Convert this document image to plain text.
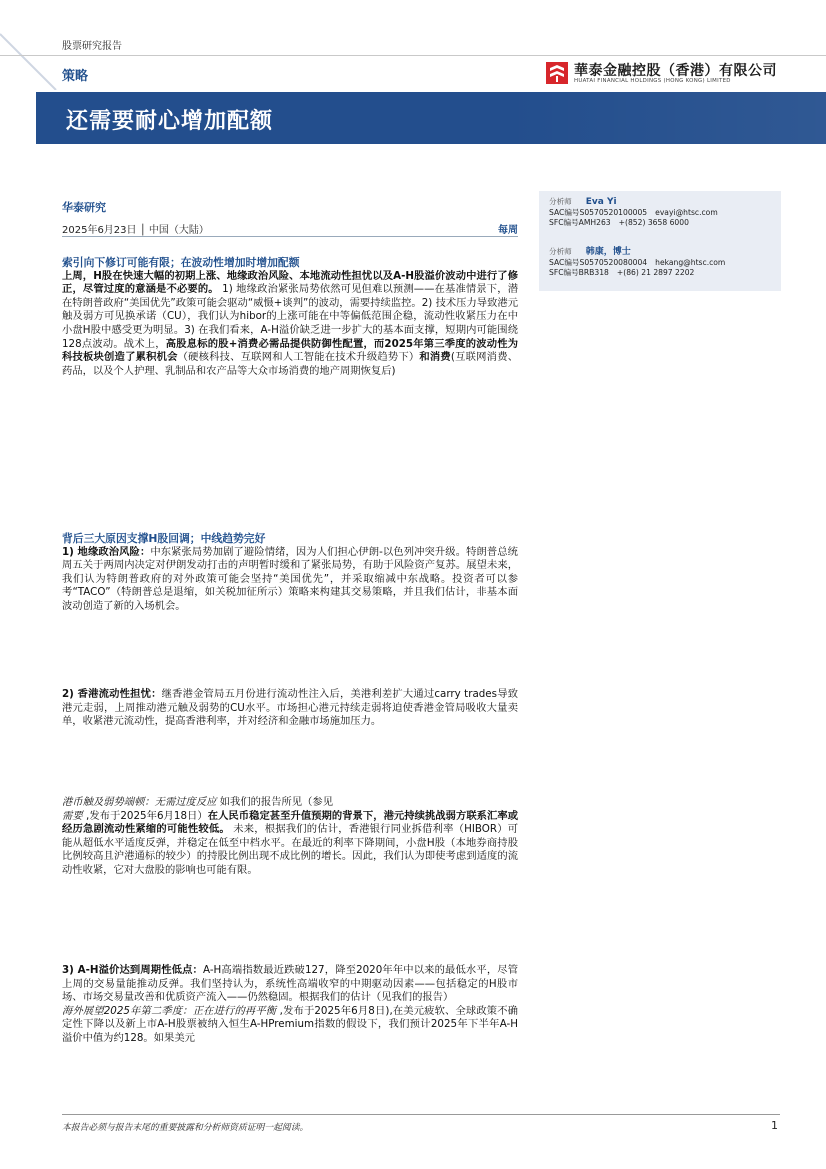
股票研究报告
策略	華泰金融控股（香港）有限公司
HUATAI FINANCIAL HOLDINGS (HONG KONG) LIMITED
还需要耐心增加配额
华泰研究
2025年6月23日 │ 中国（大陆）	每周
分析师 Eva Yi
SAC编号S0570520100005 evayi@htsc.com
SFC编号AMH263 +(852) 3658 6000
分析师 韩康，博士
SAC编号S0570520080004 hekang@htsc.com
SFC编号BRB318 +(86) 21 2897 2202
索引向下修订可能有限；在波动性增加时增加配额

上周，H股在快速大幅的初期上涨、地缘政治风险、本地流动性担忧以及A-H股溢价波动中进行了修正，尽管过度的意涵是不必要的。 1) 地缘政治紧张局势依然可见但难以预测——在基准情景下，潜在特朗普政府“美国优先”政策可能会驱动“威慑+谈判”的波动，需要持续监控。2) 技术压力导致港元触及弱方可见换承诺（CU），我们认为hibor的上涨可能在中等偏低范围企稳，流动性收紧压力在中小盘H股中感受更为明显。3) 在我们看来，A-H溢价缺乏进一步扩大的基本面支撑，短期内可能围绕128点波动。战术上，高股息标的股+消费必需品提供防御性配置，而2025年第三季度的波动性为科技板块创造了累积机会（硬核科技、互联网和人工智能在技术升级趋势下）和消费(互联网消费、药品，以及个人护理、乳制品和农产品等大众市场消费的地产周期恢复后)

背后三大原因支撑H股回调；中线趋势完好

1) 地缘政治风险：中东紧张局势加剧了避险情绪，因为人们担心伊朗-以色列冲突升级。特朗普总统周五关于两周内决定对伊朗发动打击的声明暂时缓和了紧张局势，有助于风险资产复苏。展望未来，我们认为特朗普政府的对外政策可能会坚持“美国优先”，并采取缩减中东战略。投资者可以参考“TACO”（特朗普总是退缩，如关税加征所示）策略来构建其交易策略，并且我们估计，非基本面波动创造了新的入场机会。

2) 香港流动性担忧：继香港金管局五月份进行流动性注入后，美港利差扩大通过carry trades导致港元走弱，上周推动港元触及弱势的CU水平。市场担心港元持续走弱将迫使香港金管局吸收大量卖单，收紧港元流动性，提高香港利率，并对经济和金融市场施加压力。

港币触及弱势端顿：无需过度反应 如我们的报告所见（参见
需要 ,发布于2025年6月18日）在人民币稳定甚至升值预期的背景下，港元持续挑战弱方联系汇率或经历急剧流动性紧缩的可能性较低。 未来，根据我们的估计，香港银行同业拆借利率（HIBOR）可能从超低水平适度反弹，并稳定在低至中档水平。在最近的利率下降期间，小盘H股（本地券商持股比例较高且沪港通标的较少）的持股比例出现不成比例的增长。因此，我们认为即使考虑到适度的流动性收紧，它对大盘股的影响也可能有限。

3) A-H溢价达到周期性低点：A-H高端指数最近跌破127，降至2020年年中以来的最低水平，尽管上周的交易量能推动反弹。我们坚持认为，系统性高端收窄的中期驱动因素——包括稳定的H股市场、市场交易量改善和优质资产流入——仍然稳固。根据我们的估计（见我们的报告）
海外展望2025年第二季度：正在进行的再平衡 ,发布于2025年6月8日),在美元疲软、全球政策不确定性下降以及新上市A-H股票被纳入恒生A-HPremium指数的假设下，我们预计2025年下半年A-H溢价中值为约128。如果美元

本报告必须与报告末尾的重要披露和分析师资质证明一起阅读。	1
